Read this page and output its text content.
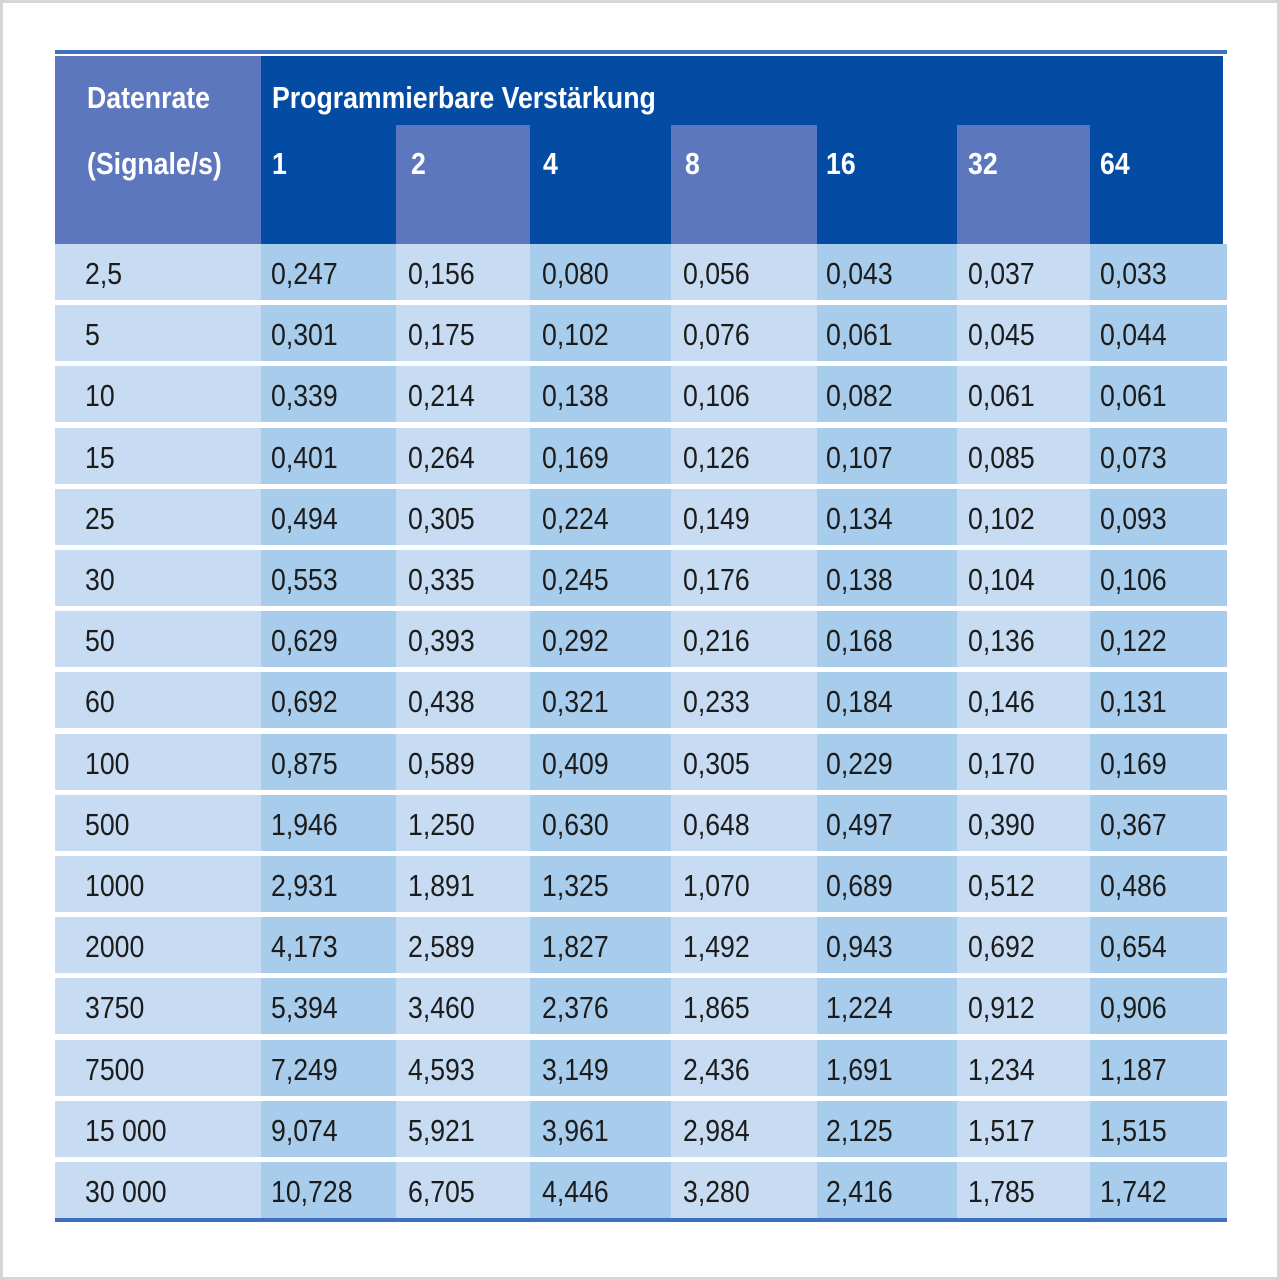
Datenrate
(Signale/s)
Programmierbare Verstärkung
1	2	4	8	16	32	64
2,5	0,247	0,156	0,080	0,056	0,043	0,037	0,033
5	0,301	0,175	0,102	0,076	0,061	0,045	0,044
10	0,339	0,214	0,138	0,106	0,082	0,061	0,061
15	0,401	0,264	0,169	0,126	0,107	0,085	0,073
25	0,494	0,305	0,224	0,149	0,134	0,102	0,093
30	0,553	0,335	0,245	0,176	0,138	0,104	0,106
50	0,629	0,393	0,292	0,216	0,168	0,136	0,122
60	0,692	0,438	0,321	0,233	0,184	0,146	0,131
100	0,875	0,589	0,409	0,305	0,229	0,170	0,169
500	1,946	1,250	0,630	0,648	0,497	0,390	0,367
1000	2,931	1,891	1,325	1,070	0,689	0,512	0,486
2000	4,173	2,589	1,827	1,492	0,943	0,692	0,654
3750	5,394	3,460	2,376	1,865	1,224	0,912	0,906
7500	7,249	4,593	3,149	2,436	1,691	1,234	1,187
15 000	9,074	5,921	3,961	2,984	2,125	1,517	1,515
30 000	10,728	6,705	4,446	3,280	2,416	1,785	1,742
